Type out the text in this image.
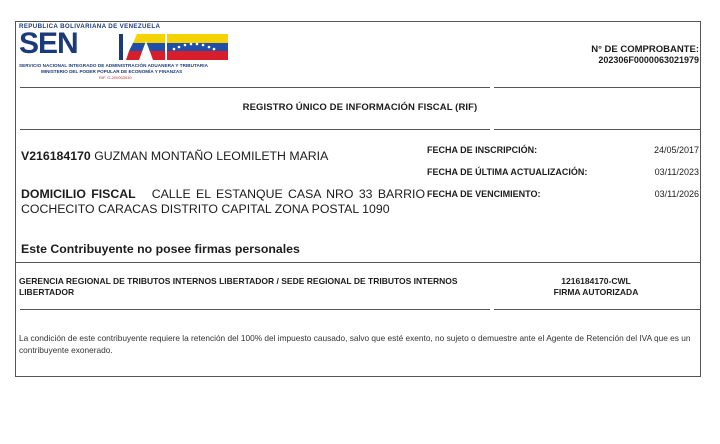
REPUBLICA BOLIVARIANA DE VENEZUELA
SEN
SERVICIO NACIONAL INTEGRADO DE ADMINISTRACIÓN ADUANERA Y TRIBUTARIA
MINISTERIO DEL PODER POPULAR DE ECONOMÍA Y FINANZAS
RIF. G-200003030
N° DE COMPROBANTE:
202306F0000063021979
REGISTRO ÚNICO DE INFORMACIÓN FISCAL (RIF)
V216184170 GUZMAN MONTAÑO LEOMILETH MARIA
DOMICILIO FISCAL CALLE EL ESTANQUE CASA NRO 33 BARRIO COCHECITO CARACAS DISTRITO CAPITAL ZONA POSTAL 1090
FECHA DE INSCRIPCIÓN:	24/05/2017
FECHA DE ÚLTIMA ACTUALIZACIÓN:	03/11/2023
FECHA DE VENCIMIENTO:	03/11/2026
Este Contribuyente no posee firmas personales
GERENCIA REGIONAL DE TRIBUTOS INTERNOS LIBERTADOR / SEDE REGIONAL DE TRIBUTOS INTERNOS LIBERTADOR
1216184170-CWL
FIRMA AUTORIZADA
La condición de este contribuyente requiere la retención del 100% del impuesto causado, salvo que esté exento, no sujeto o demuestre ante el Agente de Retención del IVA que es un contribuyente exonerado.
